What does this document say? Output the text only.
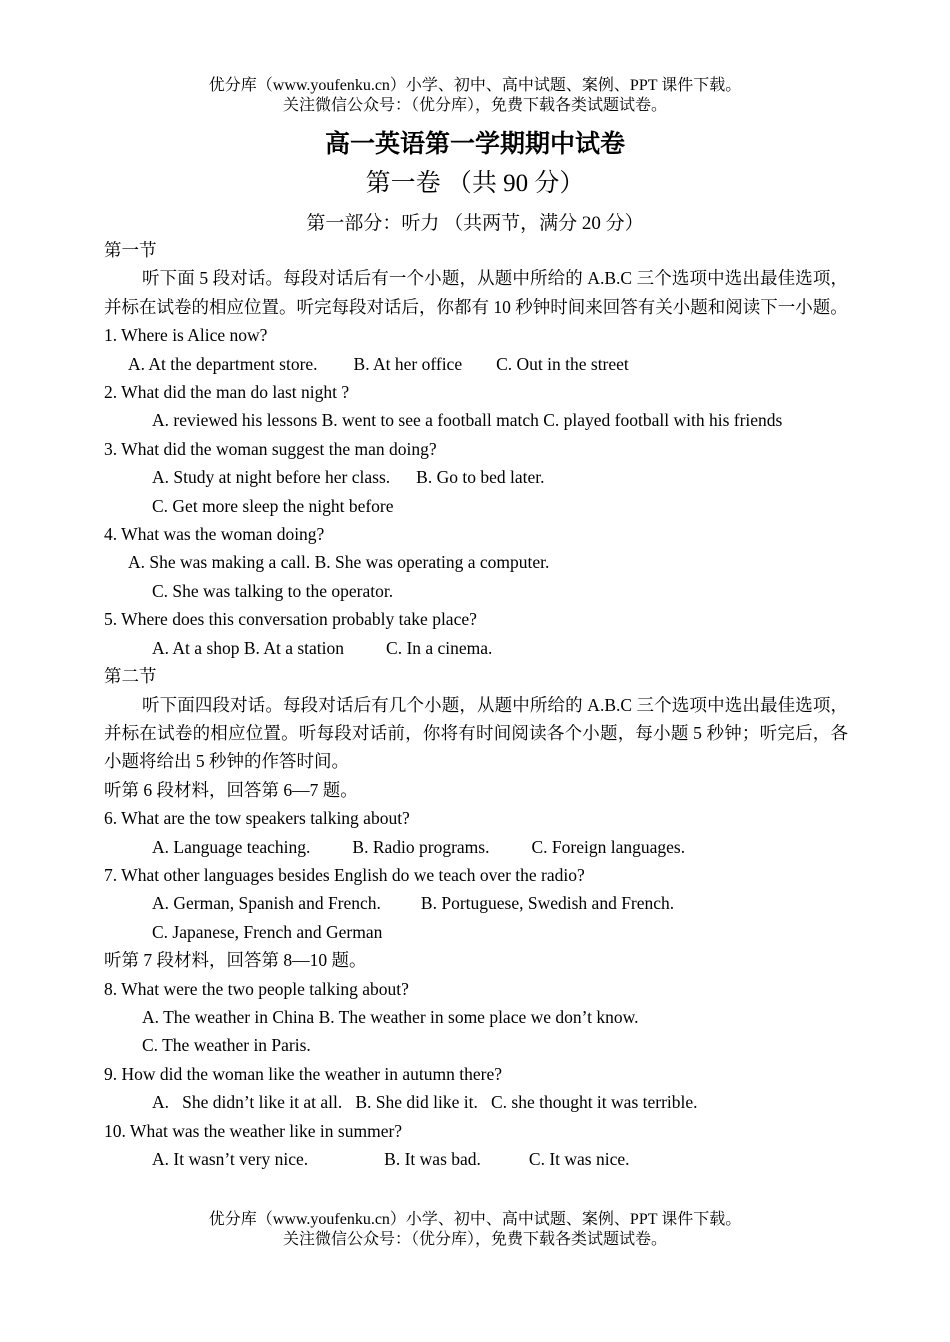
优分库（www.youfenku.cn）小学、初中、高中试题、案例、PPT 课件下载。
关注微信公众号：（优分库），免费下载各类试题试卷。
高一英语第一学期期中试卷
第一卷 （共 90 分）
第一部分：听力 （共两节，满分 20 分）
第一节
听下面 5 段对话。每段对话后有一个小题，从题中所给的 A.B.C 三个选项中选出最佳选项，并标在试卷的相应位置。听完每段对话后，你都有 10 秒钟时间来回答有关小题和阅读下一小题。
1. Where is Alice now?
A. At the department store. B. At her office C. Out in the street
2. What did the man do last night ?
A. reviewed his lessons B. went to see a football match C. played football with his friends
3. What did the woman suggest the man doing?
A. Study at night before her class. B. Go to bed later.
C. Get more sleep the night before
4. What was the woman doing?
A. She was making a call. B. She was operating a computer.
C. She was talking to the operator.
5. Where does this conversation probably take place?
A. At a shop B. At a station C. In a cinema.
第二节
听下面四段对话。每段对话后有几个小题，从题中所给的 A.B.C 三个选项中选出最佳选项，并标在试卷的相应位置。听每段对话前，你将有时间阅读各个小题，每小题 5 秒钟；听完后，各小题将给出 5 秒钟的作答时间。
听第 6 段材料，回答第 6—7 题。
6. What are the tow speakers talking about?
A. Language teaching. B. Radio programs. C. Foreign languages.
7. What other languages besides English do we teach over the radio?
A. German, Spanish and French. B. Portuguese, Swedish and French.
C. Japanese, French and German
听第 7 段材料，回答第 8—10 题。
8. What were the two people talking about?
A. The weather in China B. The weather in some place we don’t know.
C. The weather in Paris.
9. How did the woman like the weather in autumn there?
A.   She didn’t like it at all.   B. She did like it.   C. she thought it was terrible.
10. What was the weather like in summer?
A. It wasn’t very nice.	B. It was bad.	C. It was nice.
优分库（www.youfenku.cn）小学、初中、高中试题、案例、PPT 课件下载。
关注微信公众号：（优分库），免费下载各类试题试卷。
